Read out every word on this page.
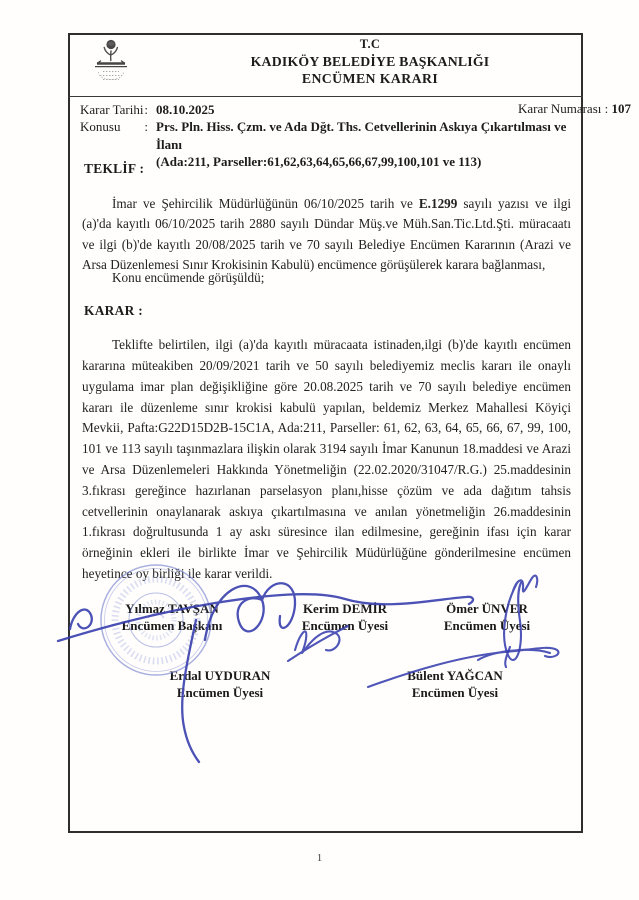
T.C
KADIKÖY BELEDİYE BAŞKANLIĞI
ENCÜMEN KARARI
Karar Tarihi : 08.10.2025
Konusu : Prs. Pln. Hiss. Çzm. ve Ada Dğt. Ths. Cetvellerinin Askıya Çıkartılması ve İlanı
(Ada:211, Parseller:61,62,63,64,65,66,67,99,100,101 ve 113)
Karar Numarası : 107
TEKLİF :

İmar ve Şehircilik Müdürlüğünün 06/10/2025 tarih ve E.1299 sayılı yazısı ve ilgi (a)'da kayıtlı 06/10/2025 tarih 2880 sayılı Dündar Müş.ve Müh.San.Tic.Ltd.Şti. müracaatı ve ilgi (b)'de kayıtlı 20/08/2025 tarih ve 70 sayılı Belediye Encümen Kararının (Arazi ve Arsa Düzenlemesi Sınır Krokisinin Kabulü) encümence görüşülerek karara bağlanması,

Konu encümende görüşüldü;
KARAR :

Teklifte belirtilen, ilgi (a)'da kayıtlı müracaata istinaden,ilgi (b)'de kayıtlı encümen kararına müteakiben 20/09/2021 tarih ve 50 sayılı belediyemiz meclis kararı ile onaylı uygulama imar plan değişikliğine göre 20.08.2025 tarih ve 70 sayılı belediye encümen kararı ile düzenleme sınır krokisi kabulü yapılan, beldemiz Merkez Mahallesi Köyiçi Mevkii, Pafta:G22D15D2B-15C1A, Ada:211, Parseller: 61, 62, 63, 64, 65, 66, 67, 99, 100, 101 ve 113 sayılı taşınmazlara ilişkin olarak 3194 sayılı İmar Kanunun 18.maddesi ve Arazi ve Arsa Düzenlemeleri Hakkında Yönetmeliğin (22.02.2020/31047/R.G.) 25.maddesinin 3.fıkrası gereğince hazırlanan parselasyon planı,hisse çözüm ve ada dağıtım tahsis cetvellerinin onaylanarak askıya çıkartılmasına ve anılan yönetmeliğin 26.maddesinin 1.fıkrası doğrultusunda 1 ay askı süresince ilan edilmesine, gereğinin ifası için karar örneğinin ekleri ile birlikte İmar ve Şehircilik Müdürlüğüne gönderilmesine encümen heyetince oy birliği ile karar verildi.

Yılmaz TAVŞAN
Encümen Başkanı
Kerim DEMİR
Encümen Üyesi
Ömer ÜNVER
Encümen Üyesi
Erdal UYDURAN
Encümen Üyesi
Bülent YAĞCAN
Encümen Üyesi
1
